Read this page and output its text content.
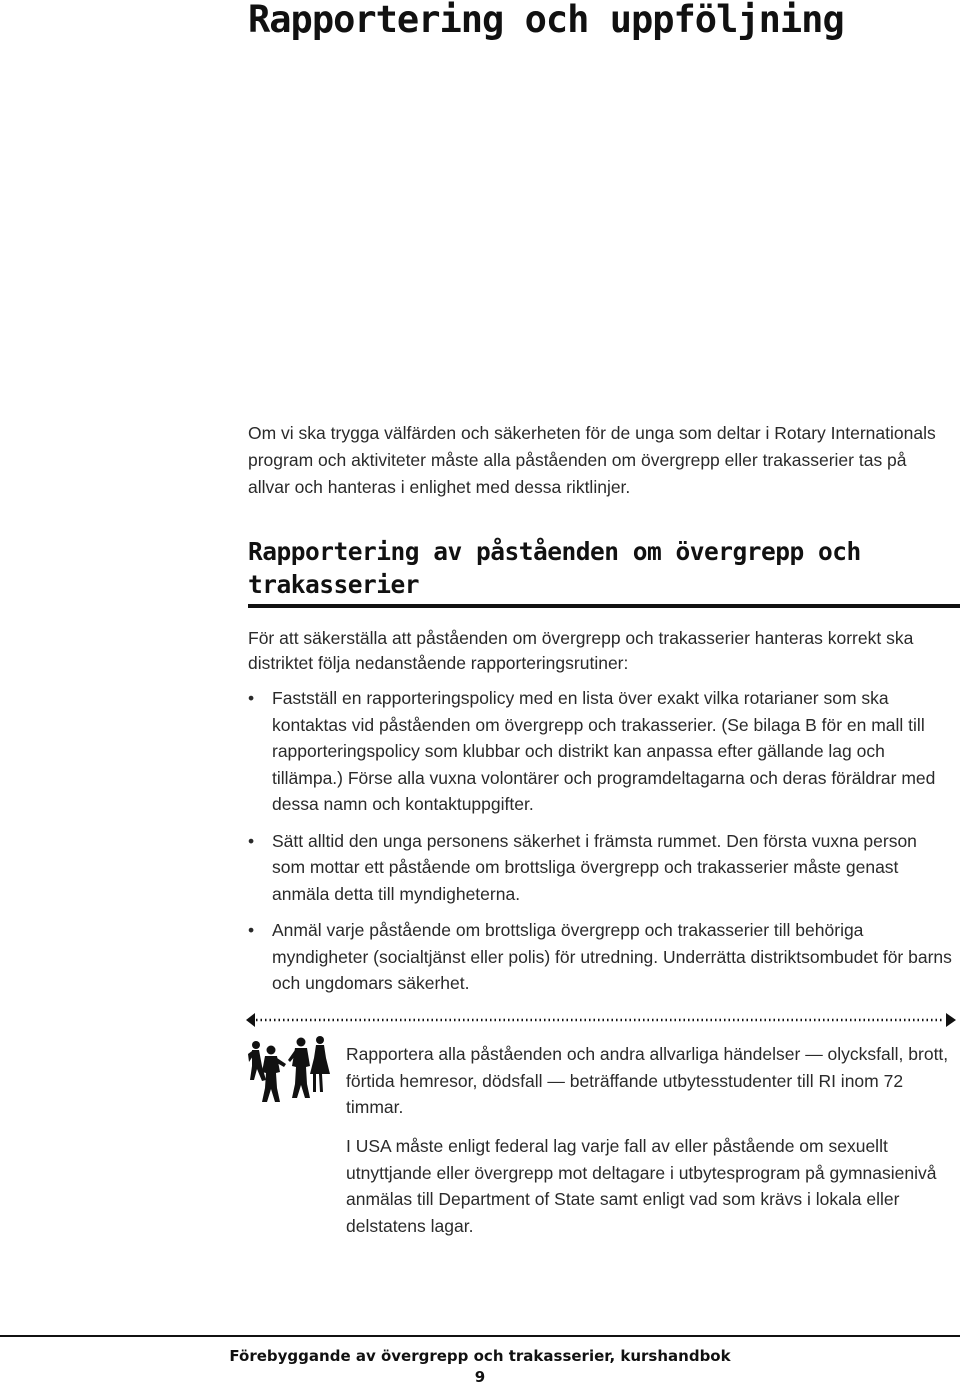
Rapportering och uppföljning

Om vi ska trygga välfärden och säkerheten för de unga som deltar i Rotary Internationals program och aktiviteter måste alla påståenden om övergrepp eller trakasserier tas på allvar och hanteras i enlighet med dessa riktlinjer.

Rapportering av påståenden om övergrepp och trakasserier

För att säkerställa att påståenden om övergrepp och trakasserier hanteras korrekt ska distriktet följa nedanstående rapporteringsrutiner:

•	Fastställ en rapporteringspolicy med en lista över exakt vilka rotarianer som ska kontaktas vid påståenden om övergrepp och trakasserier. (Se bilaga B för en mall till rapporteringspolicy som klubbar och distrikt kan anpassa efter gällande lag och tillämpa.) Förse alla vuxna volontärer och programdeltagarna och deras föräldrar med dessa namn och kontaktuppgifter.
•	Sätt alltid den unga personens säkerhet i främsta rummet. Den första vuxna person som mottar ett påstående om brottsliga övergrepp och trakasserier måste genast anmäla detta till myndigheterna.
•	Anmäl varje påstående om brottsliga övergrepp och trakasserier till behöriga myndigheter (socialtjänst eller polis) för utredning. Underrätta distriktsombudet för barns och ungdomars säkerhet.

Rapportera alla påståenden och andra allvarliga händelser — olycksfall, brott, förtida hemresor, dödsfall — beträffande utbytesstudenter till RI inom 72 timmar.

I USA måste enligt federal lag varje fall av eller påstående om sexuellt utnyttjande eller övergrepp mot deltagare i utbytesprogram på gymnasienivå anmälas till Department of State samt enligt vad som krävs i lokala eller delstatens lagar.

Förebyggande av övergrepp och trakasserier, kurshandbok

9
